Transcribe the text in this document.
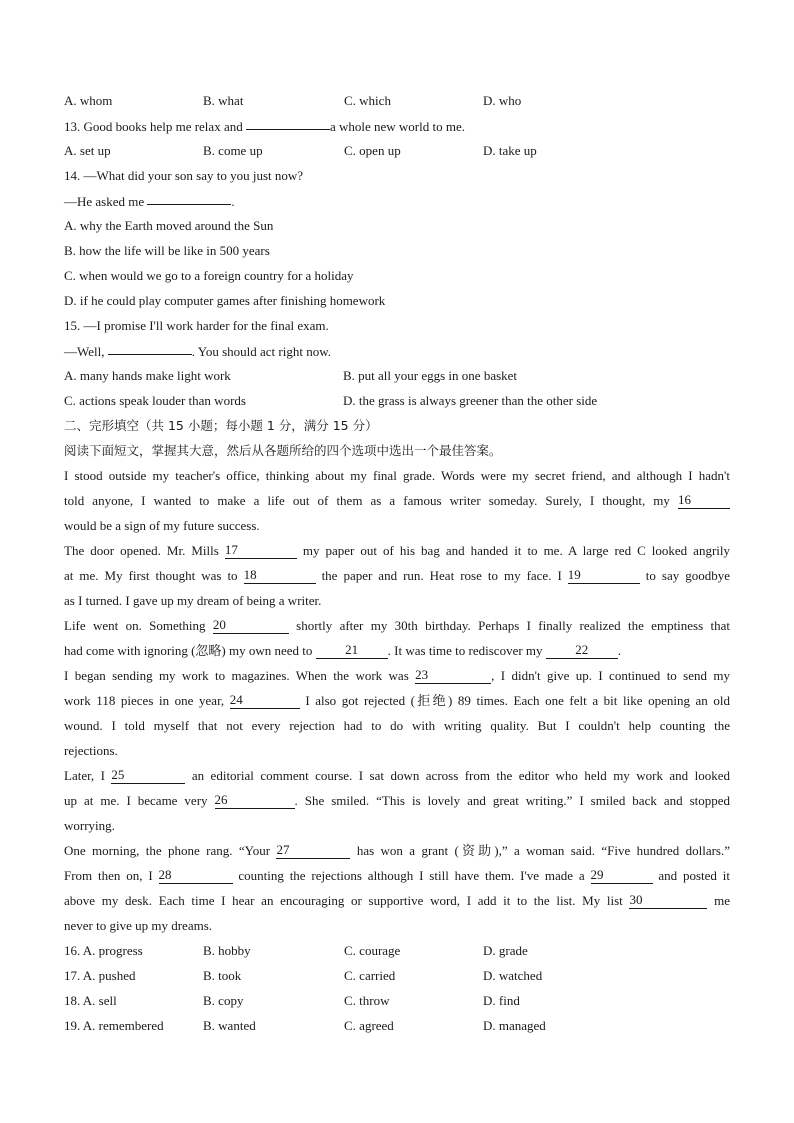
A. whom	B. what	C. which	D. who
13. Good books help me relax and	a whole new world to me.
A. set up	B. come up	C. open up	D. take up
14. —What did your son say to you just now?
—He asked me	.
A. why the Earth moved around the Sun
B. how the life will be like in 500 years
C. when would we go to a foreign country for a holiday
D. if he could play computer games after finishing homework
15. —I promise I'll work harder for the final exam.
—Well,	. You should act right now.
A. many hands make light work	B. put all your eggs in one basket
C. actions speak louder than words	D. the grass is always greener than the other side
二、完形填空（共 15 小题；每小题 1 分，满分 15 分）
阅读下面短文，掌握其大意，然后从各题所给的四个选项中选出一个最佳答案。
I stood outside my teacher's office, thinking about my final grade. Words were my secret friend, and although I hadn't
told anyone, I wanted to make a life out of them as a famous writer someday. Surely, I thought, my 16
would be a sign of my future success.
The door opened. Mr. Mills 17	my paper out of his bag and handed it to me. A large red C looked angrily
at me. My first thought was to 18	the paper and run. Heat rose to my face. I 19	to say goodbye
as I turned. I gave up my dream of being a writer.
Life went on. Something 20	shortly after my 30th birthday. Perhaps I finally realized the emptiness that
had come with ignoring (忽略) my own need to	21 . It was time to rediscover my	22 .
I began sending my work to magazines. When the work was 23	, I didn't give up. I continued to send my
work 118 pieces in one year, 24	I also got rejected (拒绝) 89 times. Each one felt a bit like opening an old
wound. I told myself that not every rejection had to do with writing quality. But I couldn't help counting the
rejections.
Later, I 25	an editorial comment course. I sat down across from the editor who held my work and looked
up at me. I became very 26	. She smiled. “This is lovely and great writing.” I smiled back and stopped
worrying.
One morning, the phone rang. “Your 27	has won a grant (资助),” a woman said. “Five hundred dollars.”
From then on, I 28	counting the rejections although I still have them. I've made a 29	and posted it
above my desk. Each time I hear an encouraging or supportive word, I add it to the list. My list 30	me
never to give up my dreams.
16. A. progress	B. hobby	C. courage	D. grade
17. A. pushed	B. took	C. carried	D. watched
18. A. sell	B. copy	C. throw	D. find
19. A. remembered	B. wanted	C. agreed	D. managed
